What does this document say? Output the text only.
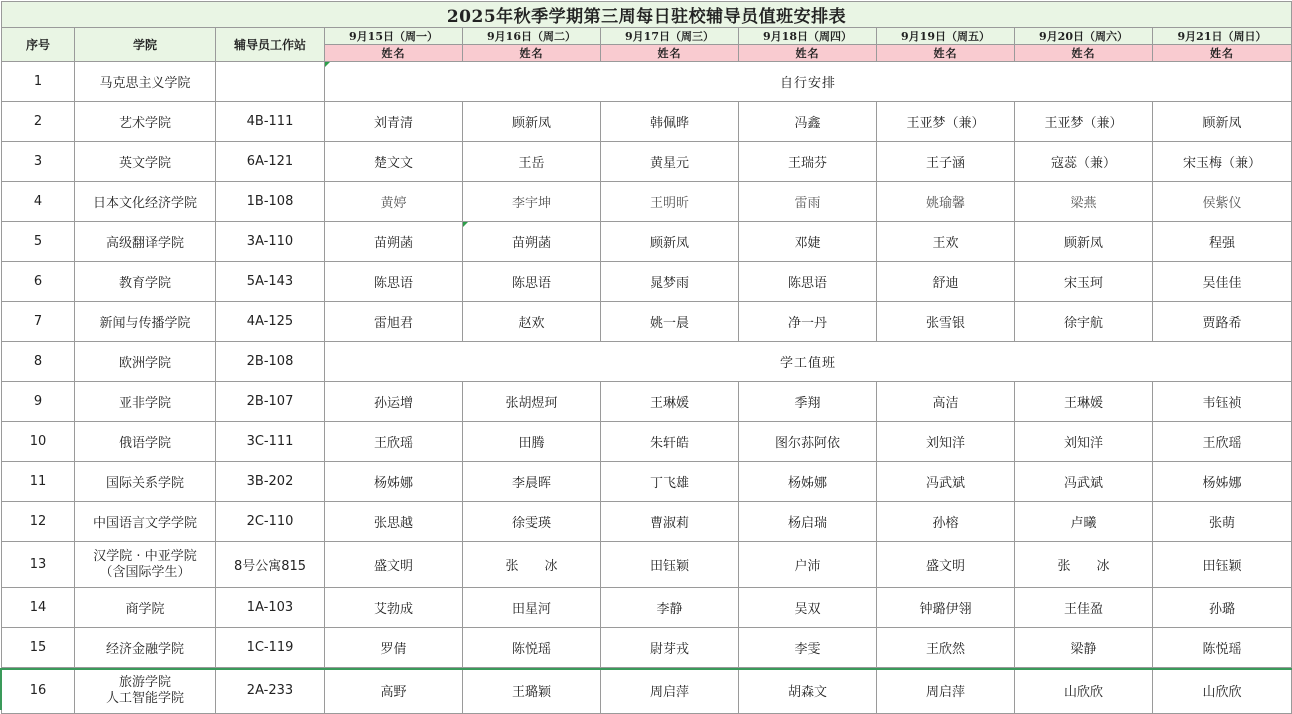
2025年秋季学期第三周每日驻校辅导员值班安排表									
序号	学院	辅导员工作站	9月15日（周一）	9月16日（周二）	9月17日（周三）	9月18日（周四）	9月19日（周五）	9月20日（周六）	9月21日（周日）
			姓名	姓名	姓名	姓名	姓名	姓名	姓名
1	马克思主义学院		自行安排						
2	艺术学院	4B-111	刘青清	顾新凤	韩佩晔	冯鑫	王亚梦（兼）	王亚梦（兼）	顾新凤
3	英文学院	6A-121	楚文文	王岳	黄星元	王瑞芬	王子涵	寇蕊（兼）	宋玉梅（兼）
4	日本文化经济学院	1B-108	黄婷	李宇坤	王明昕	雷雨	姚瑜馨	梁燕	侯紫仪
5	高级翻译学院	3A-110	苗朔菡	苗朔菡	顾新凤	邓婕	王欢	顾新凤	程强
6	教育学院	5A-143	陈思语	陈思语	晁梦雨	陈思语	舒迪	宋玉珂	吴佳佳
7	新闻与传播学院	4A-125	雷旭君	赵欢	姚一晨	净一丹	张雪银	徐宇航	贾路希
8	欧洲学院	2B-108	学工值班						
9	亚非学院	2B-107	孙运增	张胡煜珂	王琳媛	季翔	高洁	王琳媛	韦钰祯
10	俄语学院	3C-111	王欣瑶	田腾	朱轩皓	图尔荪阿依	刘知洋	刘知洋	王欣瑶
11	国际关系学院	3B-202	杨姊娜	李晨晖	丁飞雄	杨姊娜	冯武斌	冯武斌	杨姊娜
12	中国语言文学学院	2C-110	张思越	徐雯瑛	曹淑莉	杨启瑞	孙榕	卢曦	张萌
13	汉学院 · 中亚学院
（含国际学生）	8号公寓815	盛文明	张　　冰	田钰颖	户沛	盛文明	张　　冰	田钰颖
14	商学院	1A-103	艾勃成	田星河	李静	吴双	钟璐伊翎	王佳盈	孙璐
15	经济金融学院	1C-119	罗倩	陈悦瑶	尉芽戎	李雯	王欣然	梁静	陈悦瑶
16	旅游学院
人工智能学院	2A-233	高野	王璐颖	周启萍	胡森文	周启萍	山欣欣	山欣欣
